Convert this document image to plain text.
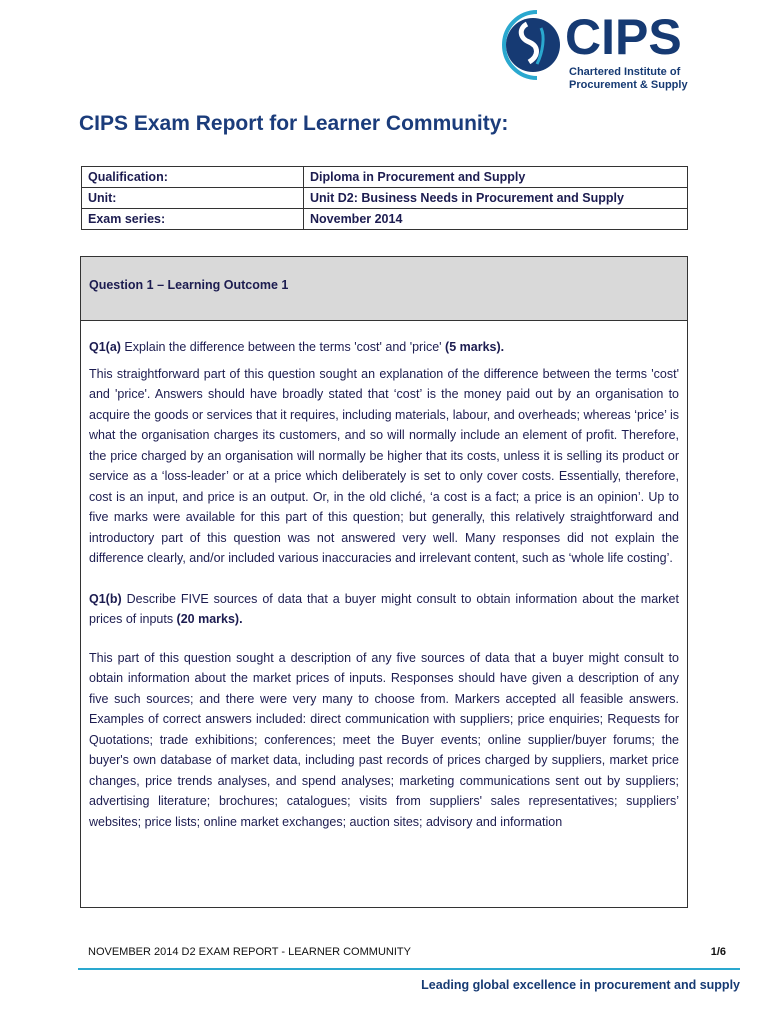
CIPS
Chartered Institute of
Procurement & Supply
CIPS Exam Report for Learner Community:
Qualification:	Diploma in Procurement and Supply
Unit:	Unit D2: Business Needs in Procurement and Supply
Exam series:	November 2014
Question 1 – Learning Outcome 1

Q1(a) Explain the difference between the terms 'cost' and 'price' (5 marks).

This straightforward part of this question sought an explanation of the difference between the terms 'cost' and 'price'. Answers should have broadly stated that ‘cost’ is the money paid out by an organisation to acquire the goods or services that it requires, including materials, labour, and overheads; whereas ‘price’ is what the organisation charges its customers, and so will normally include an element of profit. Therefore, the price charged by an organisation will normally be higher that its costs, unless it is selling its product or service as a ‘loss-leader’ or at a price which deliberately is set to only cover costs. Essentially, therefore, cost is an input, and price is an output. Or, in the old cliché, ‘a cost is a fact; a price is an opinion’. Up to five marks were available for this part of this question; but generally, this relatively straightforward and introductory part of this question was not answered very well. Many responses did not explain the difference clearly, and/or included various inaccuracies and irrelevant content, such as ‘whole life costing’.

Q1(b) Describe FIVE sources of data that a buyer might consult to obtain information about the market prices of inputs (20 marks).

This part of this question sought a description of any five sources of data that a buyer might consult to obtain information about the market prices of inputs. Responses should have given a description of any five such sources; and there were very many to choose from. Markers accepted all feasible answers. Examples of correct answers included: direct communication with suppliers; price enquiries; Requests for Quotations; trade exhibitions; conferences; meet the Buyer events; online supplier/buyer forums; the buyer's own database of market data, including past records of prices charged by suppliers, market price changes, price trends analyses, and spend analyses; marketing communications sent out by suppliers; advertising literature; brochures; catalogues; visits from suppliers' sales representatives; suppliers’ websites; price lists; online market exchanges; auction sites; advisory and information

NOVEMBER 2014 D2 EXAM REPORT - LEARNER COMMUNITY	1/6
Leading global excellence in procurement and supply
